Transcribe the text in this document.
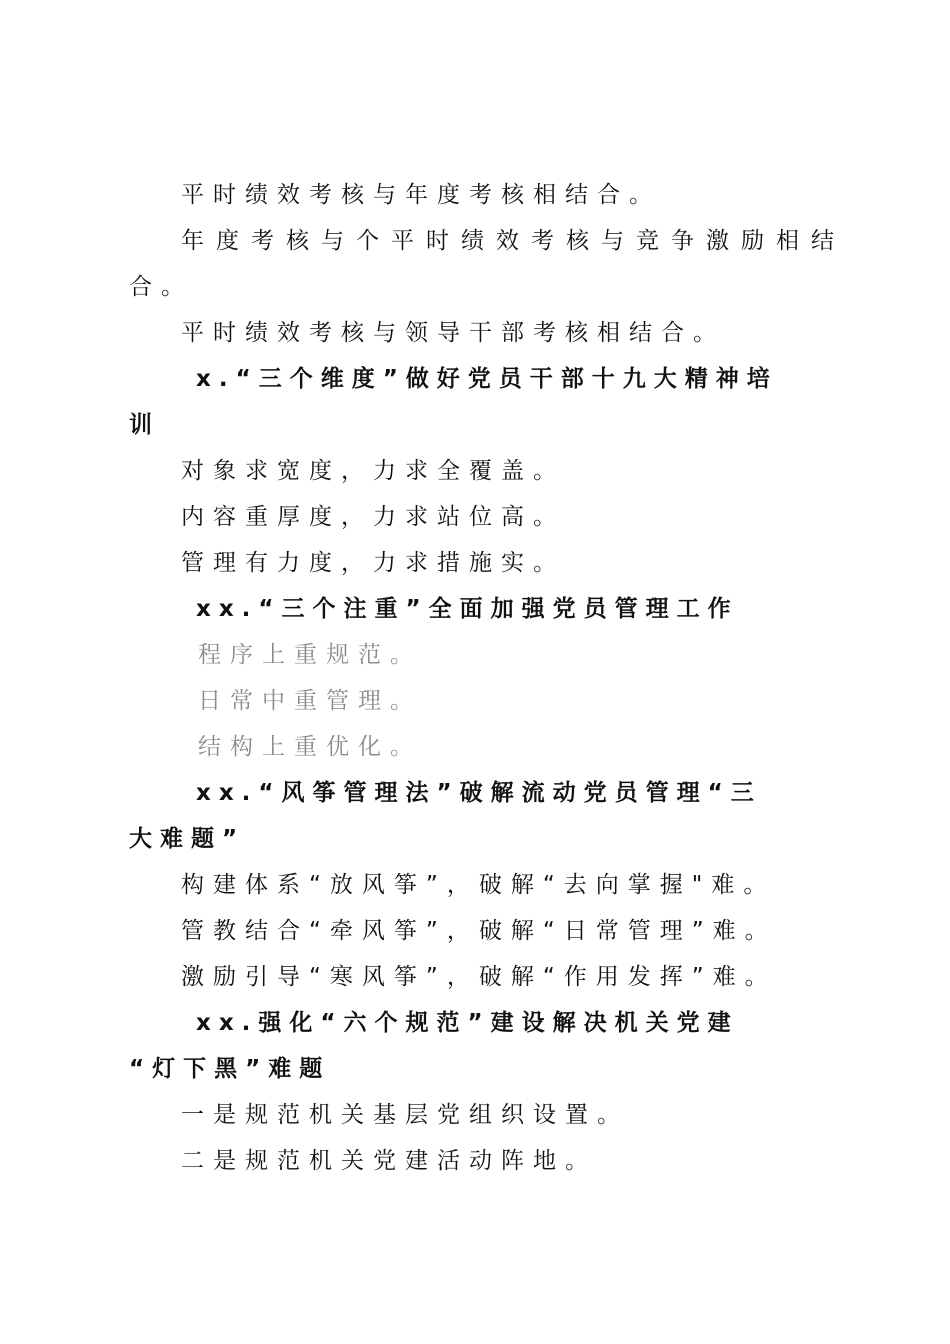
平时绩效考核与年度考核相结合。
年度考核与个平时绩效考核与竞争激励相结
合。
平时绩效考核与领导干部考核相结合。
x.“三个维度”做好党员干部十九大精神培
训
对象求宽度，力求全覆盖。
内容重厚度，力求站位高。
管理有力度，力求措施实。
xx.“三个注重”全面加强党员管理工作
程序上重规范。
日常中重管理。
结构上重优化。
xx.“风筝管理法”破解流动党员管理“三
大难题”
构建体系“放风筝”，破解“去向掌握"难。
管教结合“牵风筝”，破解“日常管理”难。
激励引导“寒风筝”，破解“作用发挥”难。
xx.强化“六个规范”建设解决机关党建
“灯下黑”难题
一是规范机关基层党组织设置。
二是规范机关党建活动阵地。
